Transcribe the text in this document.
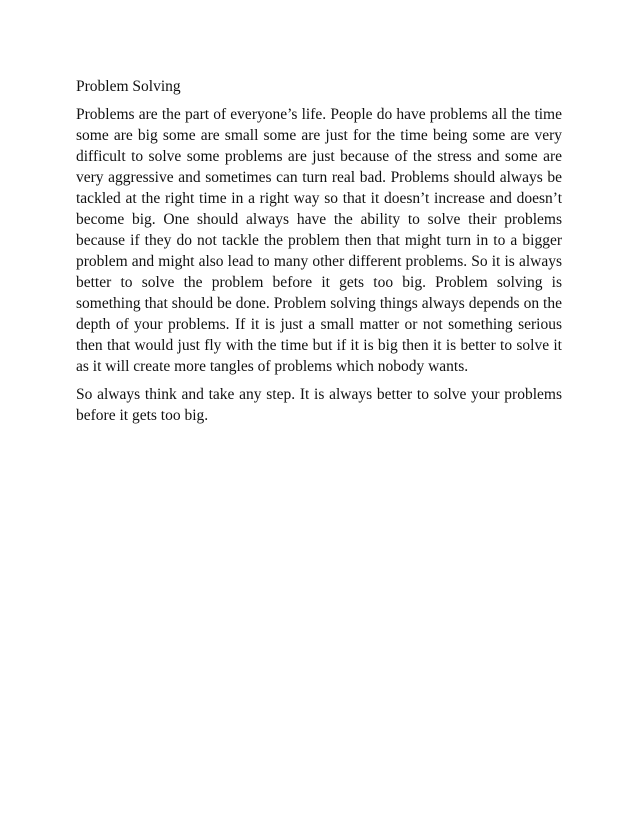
Problem Solving

Problems are the part of everyone’s life. People do have problems all the time some are big some are small some are just for the time being some are very difficult to solve some problems are just because of the stress and some are very aggressive and sometimes can turn real bad. Problems should always be tackled at the right time in a right way so that it doesn’t increase and doesn’t become big. One should always have the ability to solve their problems because if they do not tackle the problem then that might turn in to a bigger problem and might also lead to many other different problems. So it is always better to solve the problem before it gets too big. Problem solving is something that should be done. Problem solving things always depends on the depth of your problems. If it is just a small matter or not something serious then that would just fly with the time but if it is big then it is better to solve it as it will create more tangles of problems which nobody wants.

So always think and take any step. It is always better to solve your problems before it gets too big.
